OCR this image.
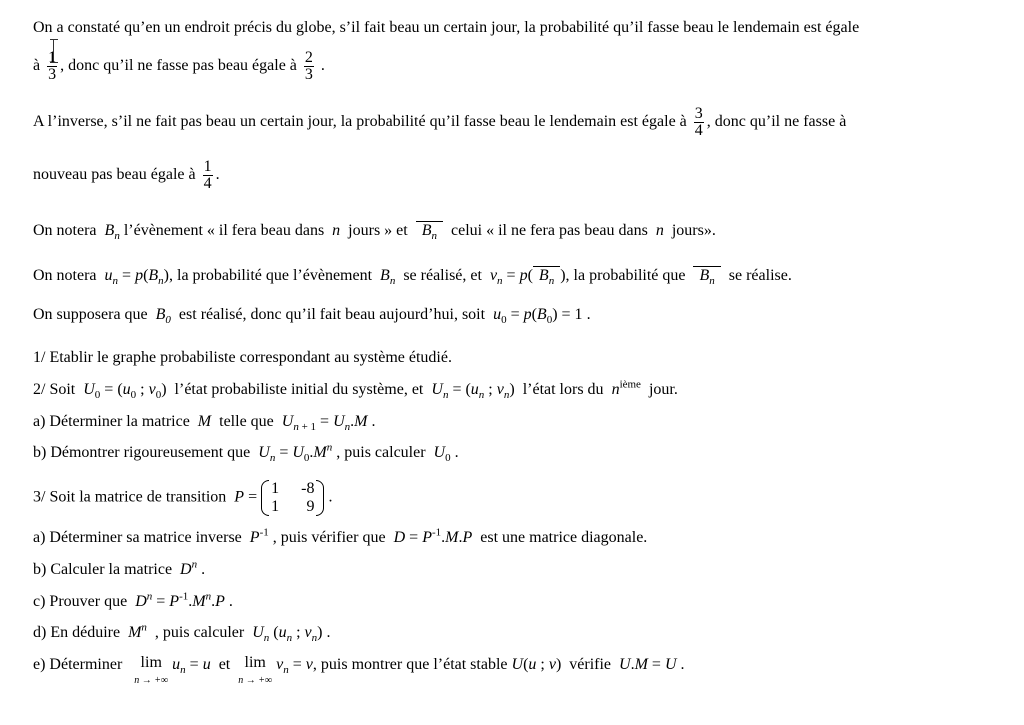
On a constaté qu’en un endroit précis du globe, s’il fait beau un certain jour, la probabilité qu’il fasse beau le lendemain est égale
à $\frac{1}{3}$ , donc qu’il ne fasse pas beau égale à $\frac{2}{3}$ .
A l’inverse, s’il ne fait pas beau un certain jour, la probabilité qu’il fasse beau le lendemain est égale à $\frac{3}{4}$ , donc qu’il ne fasse à
nouveau pas beau égale à $\frac{1}{4}$ .
On notera $B_n$ l’évènement « il fera beau dans n jours » et $B_n$ celui « il ne fera pas beau dans n jours».
On notera $u_n = p(B_n)$, la probabilité que l’évènement $B_n$ se réalisé, et $v_n = p$( $B_n$ ), la probabilité que $B_n$ se réalise.
On supposera que $B_0$ est réalisé, donc qu’il fait beau aujourd’hui, soit $u_0 = p(B_0) = 1$ .
1/ Etablir le graphe probabiliste correspondant au système étudié.
2/ Soit $U_0 = (u_0$ ; $v_0$) l’état probabiliste initial du système, et $U_n = (u_n$ ; $v_n$) l’état lors du $n^{ième}$ jour.
a) Déterminer la matrice M telle que $U_{n + 1} = U_n.M$ .
b) Démontrer rigoureusement que $U_n = U_0.M^n$ , puis calculer $U_0$ .
3/ Soit la matrice de transition P =
1 -8
1 9
.
a) Déterminer sa matrice inverse $P^{-1}$ , puis vérifier que $D = P^{-1}.M.P$ est une matrice diagonale.
b) Calculer la matrice $D^n$ .
c) Prouver que $D^n = P^{-1}.M^n.P$ .
d) En déduire $M^n$ , puis calculer $U_n$ ($u_n$ ; $v_n$) .
e) Déterminer lim
n → +∞ $u_n = u$ et lim
n → +∞ $v_n = v$, puis montrer que l’état stable U(u ; v) vérifie U.M = U .
